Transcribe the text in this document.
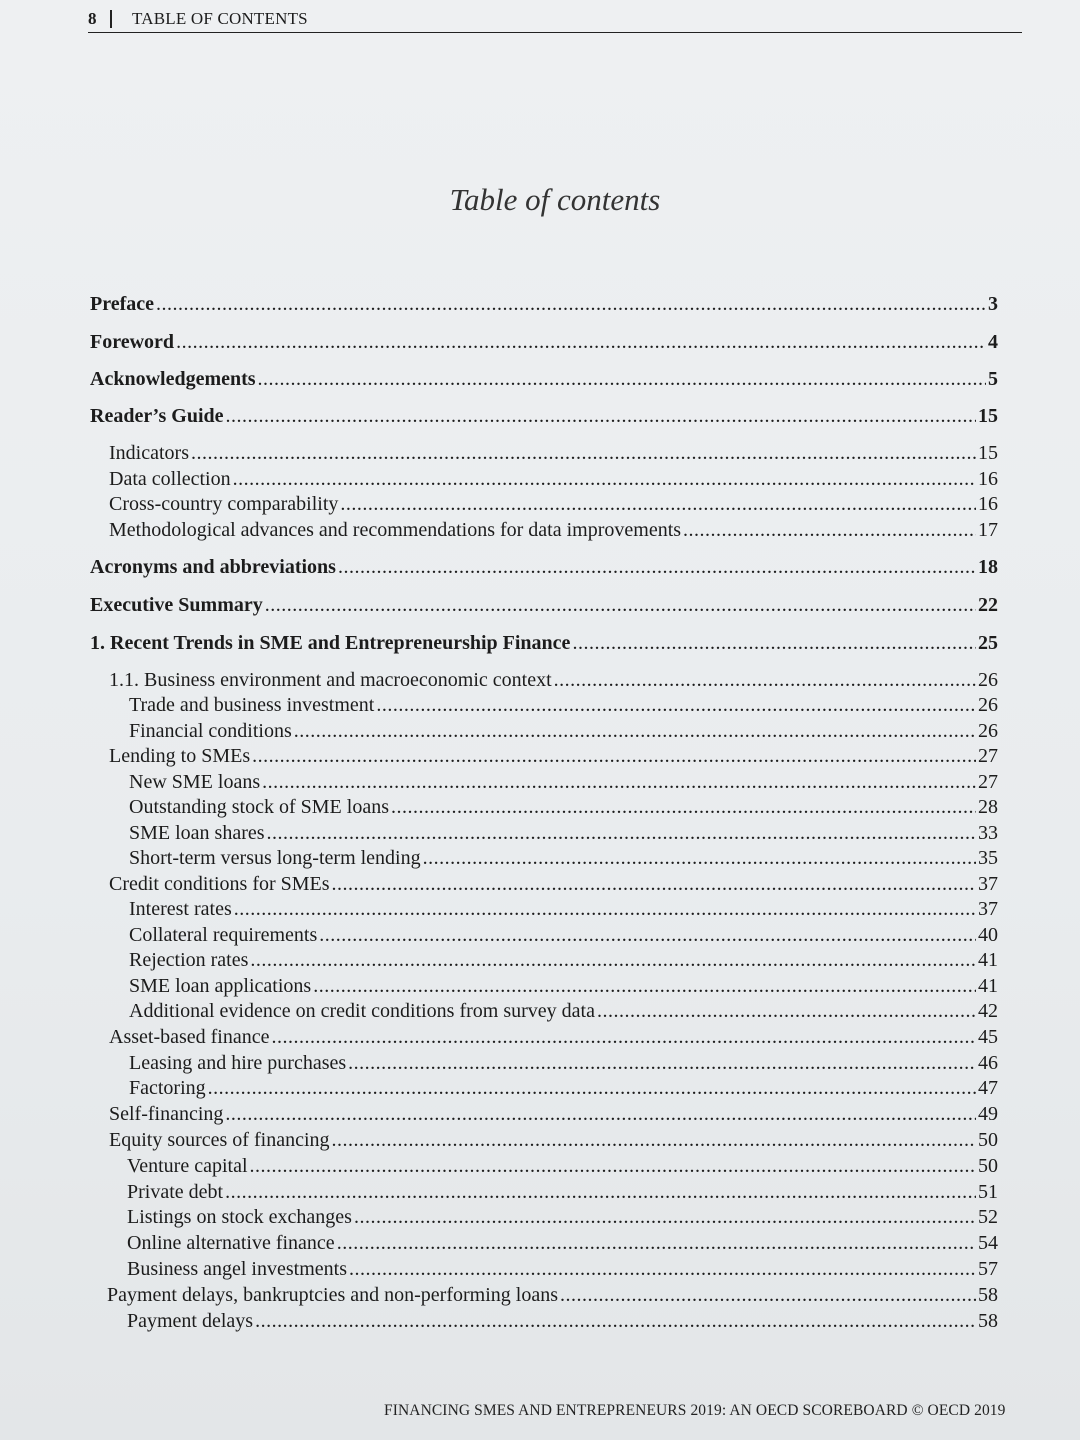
8 TABLE OF CONTENTS
Table of contents
Preface .....	3
Foreword .....	4
Acknowledgements .....	5
Reader’s Guide .....	15
Indicators .....	15
Data collection .....	16
Cross-country comparability .....	16
Methodological advances and recommendations for data improvements .....	17
Acronyms and abbreviations .....	18
Executive Summary .....	22
1. Recent Trends in SME and Entrepreneurship Finance .....	25
1.1. Business environment and macroeconomic context .....	26
Trade and business investment .....	26
Financial conditions .....	26
Lending to SMEs .....	27
New SME loans .....	27
Outstanding stock of SME loans .....	28
SME loan shares .....	33
Short-term versus long-term lending .....	35
Credit conditions for SMEs .....	37
Interest rates .....	37
Collateral requirements .....	40
Rejection rates .....	41
SME loan applications .....	41
Additional evidence on credit conditions from survey data .....	42
Asset-based finance .....	45
Leasing and hire purchases .....	46
Factoring .....	47
Self-financing .....	49
Equity sources of financing .....	50
Venture capital .....	50
Private debt .....	51
Listings on stock exchanges .....	52
Online alternative finance .....	54
Business angel investments .....	57
Payment delays, bankruptcies and non-performing loans .....	58
Payment delays .....	58
FINANCING SMES AND ENTREPRENEURS 2019: AN OECD SCOREBOARD © OECD 2019
